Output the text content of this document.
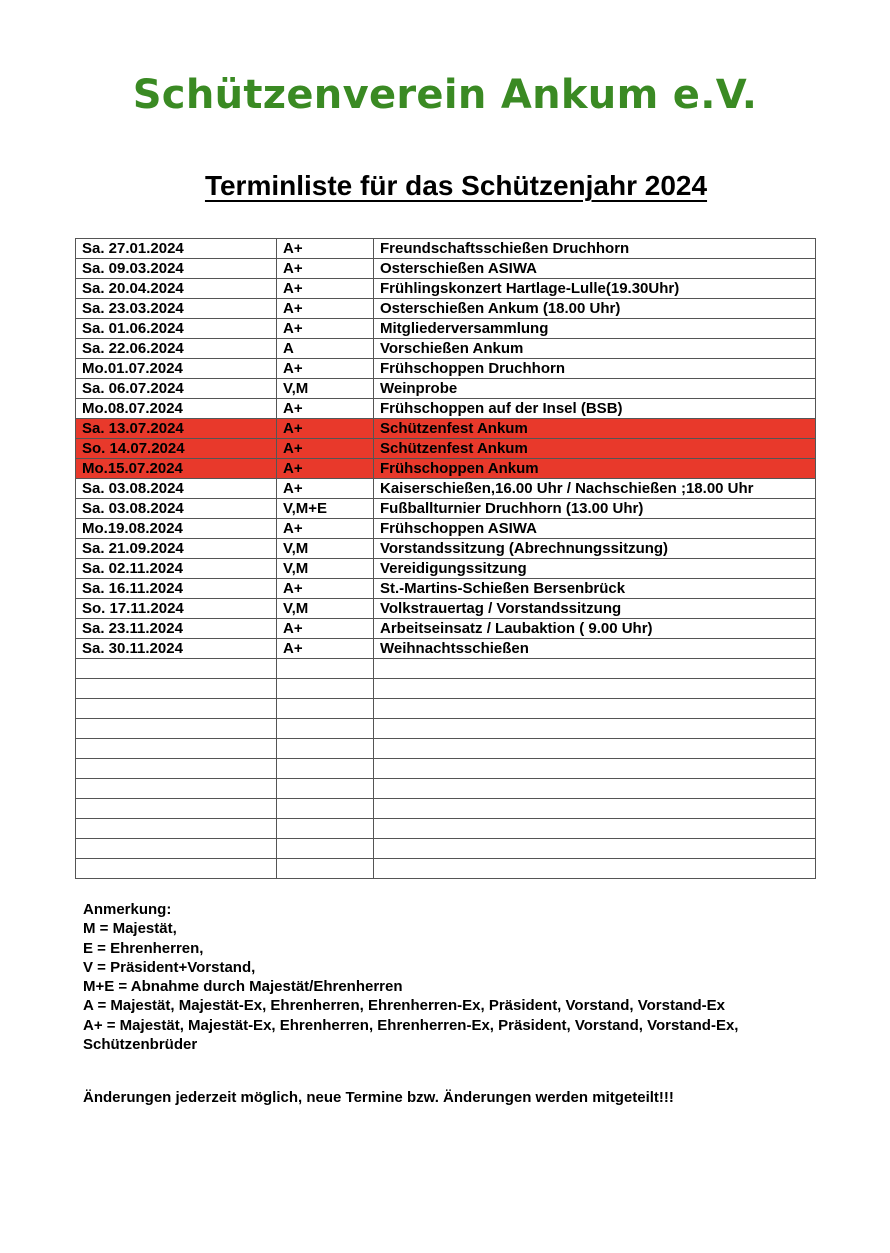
Schützenverein Ankum e.V.
Terminliste für das Schützenjahr 2024
Sa. 27.01.2024	A+	Freundschaftsschießen Druchhorn
Sa. 09.03.2024	A+	Osterschießen ASIWA
Sa. 20.04.2024	A+	Frühlingskonzert Hartlage-Lulle(19.30Uhr)
Sa. 23.03.2024	A+	Osterschießen Ankum (18.00 Uhr)
Sa. 01.06.2024	A+	Mitgliederversammlung
Sa. 22.06.2024	A	Vorschießen Ankum
Mo.01.07.2024	A+	Frühschoppen Druchhorn
Sa. 06.07.2024	V,M	Weinprobe
Mo.08.07.2024	A+	Frühschoppen auf der Insel (BSB)
Sa. 13.07.2024	A+	Schützenfest Ankum
So. 14.07.2024	A+	Schützenfest Ankum
Mo.15.07.2024	A+	Frühschoppen Ankum
Sa. 03.08.2024	A+	Kaiserschießen,16.00 Uhr / Nachschießen ;18.00 Uhr
Sa. 03.08.2024	V,M+E	Fußballturnier Druchhorn (13.00 Uhr)
Mo.19.08.2024	A+	Frühschoppen ASIWA
Sa. 21.09.2024	V,M	Vorstandssitzung (Abrechnungssitzung)
Sa. 02.11.2024	V,M	Vereidigungssitzung
Sa. 16.11.2024	A+	St.-Martins-Schießen Bersenbrück
So. 17.11.2024	V,M	Volkstrauertag / Vorstandssitzung
Sa. 23.11.2024	A+	Arbeitseinsatz / Laubaktion ( 9.00 Uhr)
Sa. 30.11.2024	A+	Weihnachtsschießen

Anmerkung:
M = Majestät,
E = Ehrenherren,
V = Präsident+Vorstand,
M+E = Abnahme durch Majestät/Ehrenherren
A = Majestät, Majestät-Ex, Ehrenherren, Ehrenherren-Ex, Präsident, Vorstand, Vorstand-Ex
A+ = Majestät, Majestät-Ex, Ehrenherren, Ehrenherren-Ex, Präsident, Vorstand, Vorstand-Ex,
Schützenbrüder
Änderungen jederzeit möglich, neue Termine bzw. Änderungen werden mitgeteilt!!!
